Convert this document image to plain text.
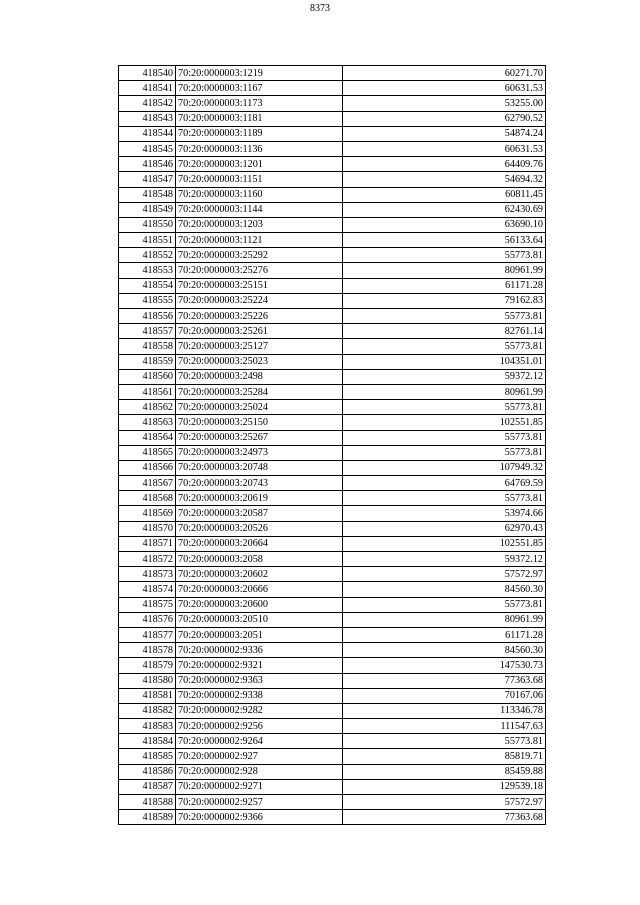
8373
418540	70:20:0000003:1219	60271.70
418541	70:20:0000003:1167	60631.53
418542	70:20:0000003:1173	53255.00
418543	70:20:0000003:1181	62790.52
418544	70:20:0000003:1189	54874.24
418545	70:20:0000003:1136	60631.53
418546	70:20:0000003:1201	64409.76
418547	70:20:0000003:1151	54694.32
418548	70:20:0000003:1160	60811.45
418549	70:20:0000003:1144	62430.69
418550	70:20:0000003:1203	63690.10
418551	70:20:0000003:1121	56133.64
418552	70:20:0000003:25292	55773.81
418553	70:20:0000003:25276	80961.99
418554	70:20:0000003:25151	61171.28
418555	70:20:0000003:25224	79162.83
418556	70:20:0000003:25226	55773.81
418557	70:20:0000003:25261	82761.14
418558	70:20:0000003:25127	55773.81
418559	70:20:0000003:25023	104351.01
418560	70:20:0000003:2498	59372.12
418561	70:20:0000003:25284	80961.99
418562	70:20:0000003:25024	55773.81
418563	70:20:0000003:25150	102551.85
418564	70:20:0000003:25267	55773.81
418565	70:20:0000003:24973	55773.81
418566	70:20:0000003:20748	107949.32
418567	70:20:0000003:20743	64769.59
418568	70:20:0000003:20619	55773.81
418569	70:20:0000003:20587	53974.66
418570	70:20:0000003:20526	62970.43
418571	70:20:0000003:20664	102551.85
418572	70:20:0000003:2058	59372.12
418573	70:20:0000003:20602	57572.97
418574	70:20:0000003:20666	84560.30
418575	70:20:0000003:20600	55773.81
418576	70:20:0000003:20510	80961.99
418577	70:20:0000003:2051	61171.28
418578	70:20:0000002:9336	84560.30
418579	70:20:0000002:9321	147530.73
418580	70:20:0000002:9363	77363.68
418581	70:20:0000002:9338	70167.06
418582	70:20:0000002:9282	113346.78
418583	70:20:0000002:9256	111547.63
418584	70:20:0000002:9264	55773.81
418585	70:20:0000002:927	85819.71
418586	70:20:0000002:928	85459.88
418587	70:20:0000002:9271	129539.18
418588	70:20:0000002:9257	57572.97
418589	70:20:0000002:9366	77363.68
